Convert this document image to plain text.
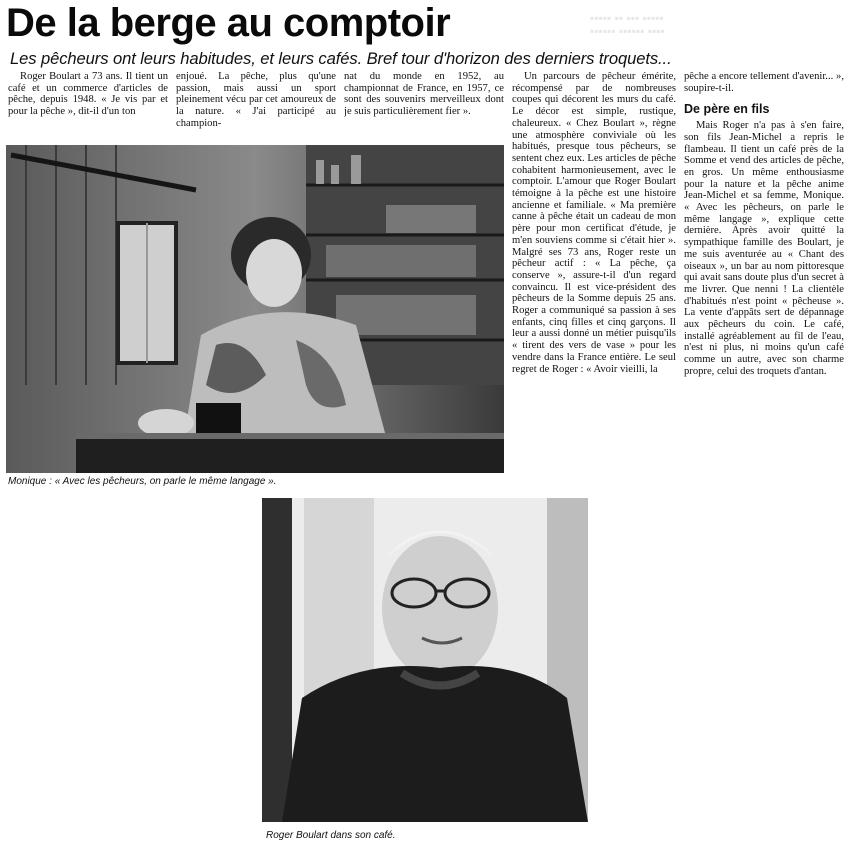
▪▪▪▪▪ ▪▪ ▪▪▪ ▪▪▪▪▪
▪▪▪▪▪▪ ▪▪▪▪▪▪ ▪▪▪▪
De la berge au comptoir
Les pêcheurs ont leurs habitudes, et leurs cafés. Bref tour d'horizon des derniers troquets...

Roger Boulart a 73 ans. Il tient un café et un commerce d'articles de pêche, depuis 1948. « Je vis par et pour la pêche », dit-il d'un ton

enjoué. La pêche, plus qu'une passion, mais aussi un sport pleinement vécu par cet amoureux de la nature. « J'ai participé au champion-

nat du monde en 1952, au championnat de France, en 1957, ce sont des souvenirs merveilleux dont je suis particulièrement fier ».

Un parcours de pêcheur émérite, récompensé par de nombreuses coupes qui décorent les murs du café. Le décor est simple, rustique, chaleureux. « Chez Boulart », règne une atmosphère conviviale où les habitués, presque tous pêcheurs, se sentent chez eux. Les articles de pêche cohabitent harmonieusement, avec le comptoir. L'amour que Roger Boulart témoigne à la pêche est une histoire ancienne et familiale. « Ma première canne à pêche était un cadeau de mon père pour mon certificat d'étude, je m'en souviens comme si c'était hier ». Malgré ses 73 ans, Roger reste un pêcheur actif : « La pêche, ça conserve », assure-t-il d'un regard convaincu. Il est vice-président des pêcheurs de la Somme depuis 25 ans. Roger a communiqué sa passion à ses enfants, cinq filles et cinq garçons. Il leur a aussi donné un métier puisqu'ils « tirent des vers de vase » pour les vendre dans la France entière. Le seul regret de Roger : « Avoir vieilli, la

pêche a encore tellement d'avenir... », soupire-t-il.

De père en fils

Mais Roger n'a pas à s'en faire, son fils Jean-Michel a repris le flambeau. Il tient un café près de la Somme et vend des articles de pêche, en gros. Un même enthousiasme pour la nature et la pêche anime Jean-Michel et sa femme, Monique. « Avec les pêcheurs, on parle le même langage », explique cette dernière. Après avoir quitté la sympathique famille des Boulart, je me suis aventurée au « Chant des oiseaux », un bar au nom pittoresque qui avait sans doute plus d'un secret à me livrer. Que nenni ! La clientèle d'habitués n'est point « pêcheuse ». La vente d'appâts sert de dépannage aux pêcheurs du coin. Le café, installé agréablement au fil de l'eau, n'est ni plus, ni moins qu'un café comme un autre, avec son charme propre, celui des troquets d'antan.

Monique : « Avec les pêcheurs, on parle le même langage ».
Roger Boulart dans son café.
